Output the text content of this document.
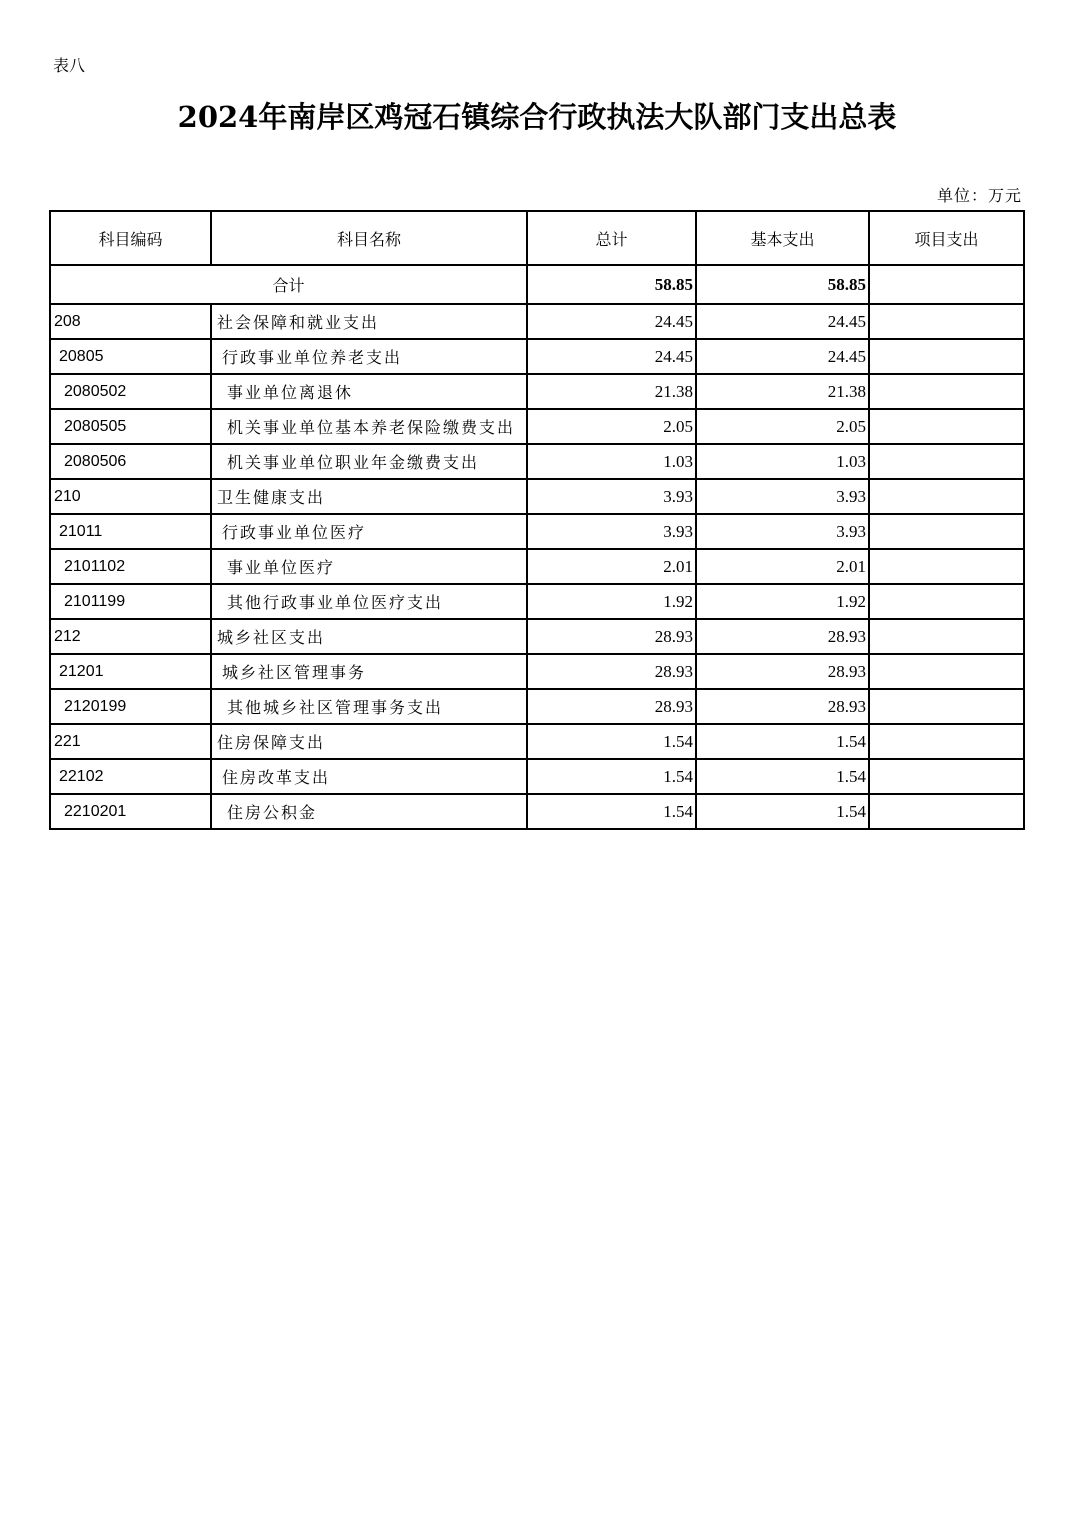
表八
2024年南岸区鸡冠石镇综合行政执法大队部门支出总表
单位：万元
科目编码	科目名称	总计	基本支出	项目支出
合计		58.85	58.85	
208	社会保障和就业支出	24.45	24.45	
20805	行政事业单位养老支出	24.45	24.45	
2080502	事业单位离退休	21.38	21.38	
2080505	机关事业单位基本养老保险缴费支出	2.05	2.05	
2080506	机关事业单位职业年金缴费支出	1.03	1.03	
210	卫生健康支出	3.93	3.93	
21011	行政事业单位医疗	3.93	3.93	
2101102	事业单位医疗	2.01	2.01	
2101199	其他行政事业单位医疗支出	1.92	1.92	
212	城乡社区支出	28.93	28.93	
21201	城乡社区管理事务	28.93	28.93	
2120199	其他城乡社区管理事务支出	28.93	28.93	
221	住房保障支出	1.54	1.54	
22102	住房改革支出	1.54	1.54	
2210201	住房公积金	1.54	1.54	
